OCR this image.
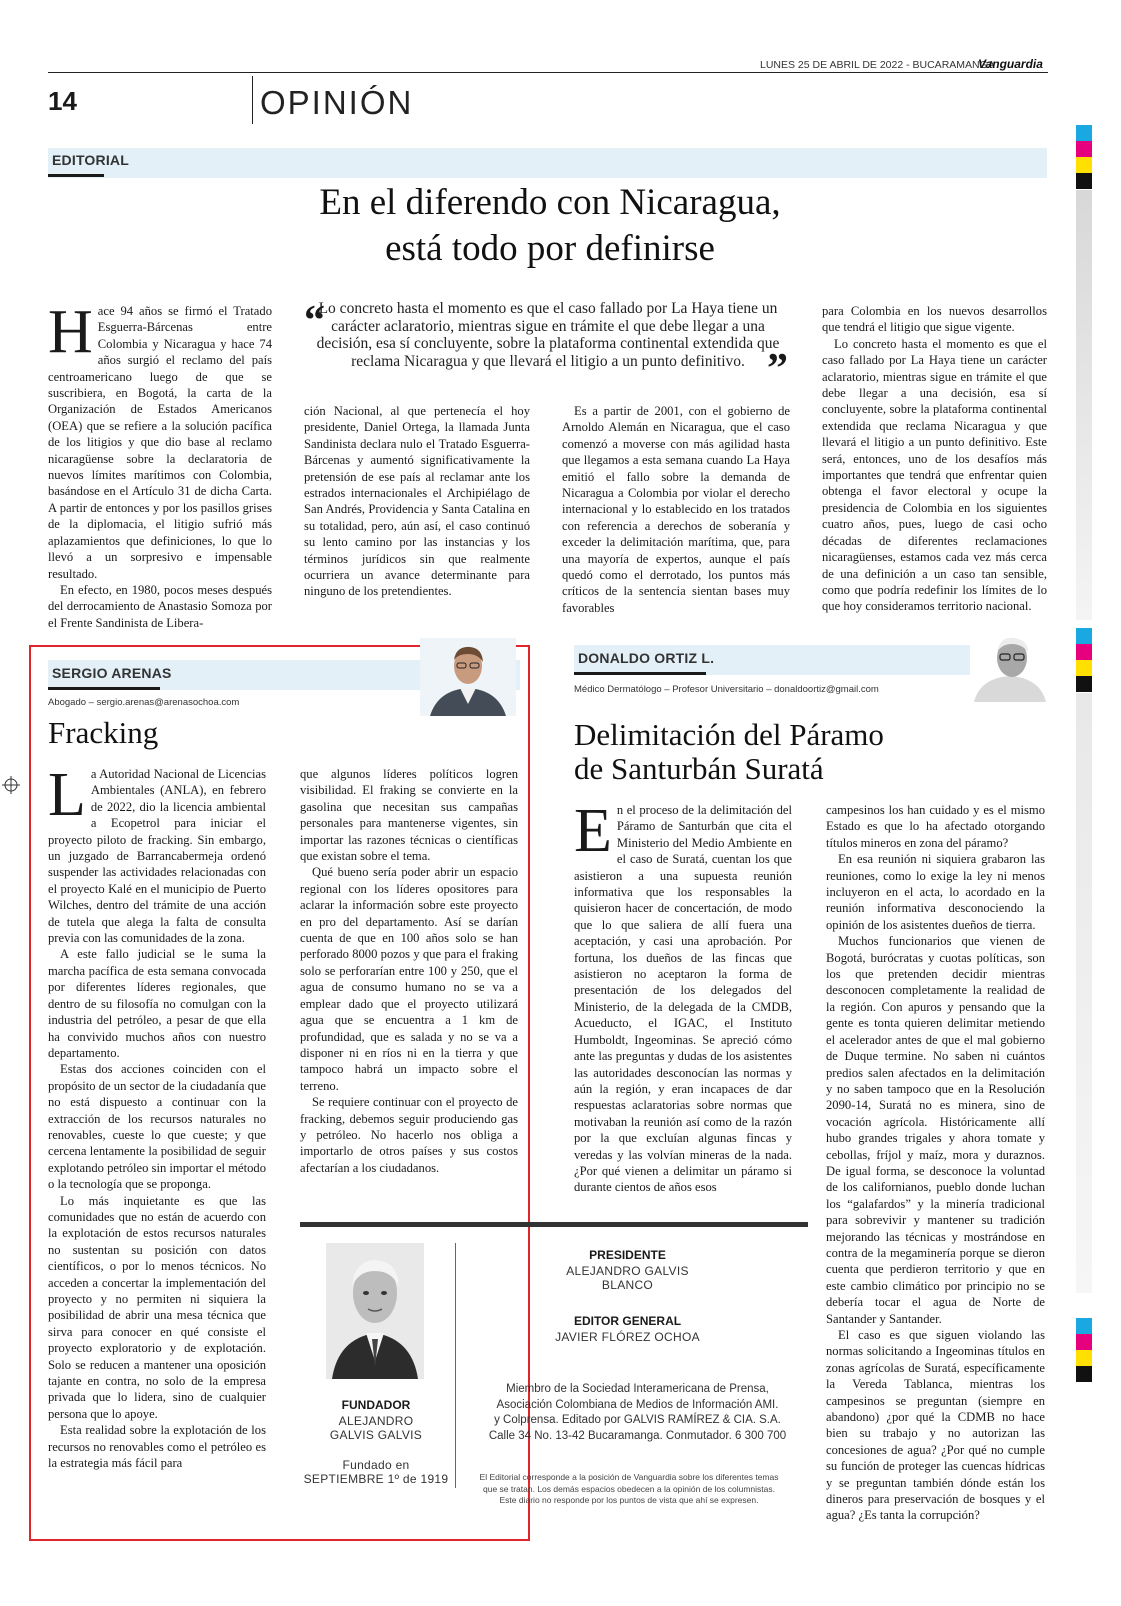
LUNES 25 DE ABRIL DE 2022 - BUCARAMANGA
Vanguardia
14	OPINIÓN
EDITORIAL
En el diferendo con Nicaragua,
está todo por definirse

Hace 94 años se firmó el Tratado Esguerra-Bárcenas entre Colombia y Nicaragua y hace 74 años surgió el reclamo del país centroamericano luego de que se suscribiera, en Bogotá, la carta de la Organización de Estados Americanos (OEA) que se refiere a la solución pacífica de los litigios y que dio base al reclamo nicaragüense sobre la declaratoria de nuevos límites marítimos con Colombia, basándose en el Artículo 31 de dicha Carta. A partir de entonces y por los pasillos grises de la diplomacia, el litigio sufrió más aplazamientos que definiciones, lo que lo llevó a un sorpresivo e impensable resultado.

En efecto, en 1980, pocos meses después del derrocamiento de Anastasio Somoza por el Frente Sandinista de Libera-

“
Lo concreto hasta el momento es que el caso fallado por La Haya tiene un carácter aclaratorio, mientras sigue en trámite el que debe llegar a una decisión, esa sí concluyente, sobre la plataforma continental extendida que reclama Nicaragua y que llevará el litigio a un punto definitivo. ”

ción Nacional, al que pertenecía el hoy presidente, Daniel Ortega, la llamada Junta Sandinista declara nulo el Tratado Esguerra- Bárcenas y aumentó significativamente la pretensión de ese país al reclamar ante los estrados internacionales el Archipiélago de San Andrés, Providencia y Santa Catalina en su totalidad, pero, aún así, el caso continuó su lento camino por las instancias y los términos jurídicos sin que realmente ocurriera un avance determinante para ninguno de los pretendientes.

Es a partir de 2001, con el gobierno de Arnoldo Alemán en Nicaragua, que el caso comenzó a moverse con más agilidad hasta que llegamos a esta semana cuando La Haya emitió el fallo sobre la demanda de Nicaragua a Colombia por violar el derecho internacional y lo establecido en los tratados con referencia a derechos de soberanía y exceder la delimitación marítima, que, para una mayoría de expertos, aunque el país quedó como el derrotado, los puntos más críticos de la sentencia sientan bases muy favorables

para Colombia en los nuevos desarrollos que tendrá el litigio que sigue vigente.

Lo concreto hasta el momento es que el caso fallado por La Haya tiene un carácter aclaratorio, mientras sigue en trámite el que debe llegar a una decisión, esa sí concluyente, sobre la plataforma continental extendida que reclama Nicaragua y que llevará el litigio a un punto definitivo. Este será, entonces, uno de los desafíos más importantes que tendrá que enfrentar quien obtenga el favor electoral y ocupe la presidencia de Colombia en los siguientes cuatro años, pues, luego de casi ocho décadas de diferentes reclamaciones nicaragüenses, estamos cada vez más cerca de una definición a un caso tan sensible, como que podría redefinir los límites de lo que hoy consideramos territorio nacional.

SERGIO ARENAS
Abogado – sergio.arenas@arenasochoa.com
Fracking

La Autoridad Nacional de Licencias Ambientales (ANLA), en febrero de 2022, dio la licencia ambiental a Ecopetrol para iniciar el proyecto piloto de fracking. Sin embargo, un juzgado de Barrancabermeja ordenó suspender las actividades relacionadas con el proyecto Kalé en el municipio de Puerto Wilches, dentro del trámite de una acción de tutela que alega la falta de consulta previa con las comunidades de la zona.

A este fallo judicial se le suma la marcha pacífica de esta semana convocada por diferentes líderes regionales, que dentro de su filosofía no comulgan con la industria del petróleo, a pesar de que ella ha convivido muchos años con nuestro departamento.

Estas dos acciones coinciden con el propósito de un sector de la ciudadanía que no está dispuesto a continuar con la extracción de los recursos naturales no renovables, cueste lo que cueste; y que cercena lentamente la posibilidad de seguir explotando petróleo sin importar el método o la tecnología que se proponga.

Lo más inquietante es que las comunidades que no están de acuerdo con la explotación de estos recursos naturales no sustentan su posición con datos científicos, o por lo menos técnicos. No acceden a concertar la implementación del proyecto y no permiten ni siquiera la posibilidad de abrir una mesa técnica que sirva para conocer en qué consiste el proyecto exploratorio y de explotación. Solo se reducen a mantener una oposición tajante en contra, no solo de la empresa privada que lo lidera, sino de cualquier persona que lo apoye.

Esta realidad sobre la explotación de los recursos no renovables como el petróleo es la estrategia más fácil para

que algunos líderes políticos logren visibilidad. El fraking se convierte en la gasolina que necesitan sus campañas personales para mantenerse vigentes, sin importar las razones técnicas o científicas que existan sobre el tema.

Qué bueno sería poder abrir un espacio regional con los líderes opositores para aclarar la información sobre este proyecto en pro del departamento. Así se darían cuenta de que en 100 años solo se han perforado 8000 pozos y que para el fraking solo se perforarían entre 100 y 250, que el agua de consumo humano no se va a emplear dado que el proyecto utilizará agua que se encuentra a 1 km de profundidad, que es salada y no se va a disponer ni en ríos ni en la tierra y que tampoco habrá un impacto sobre el terreno.

Se requiere continuar con el proyecto de fracking, debemos seguir produciendo gas y petróleo. No hacerlo nos obliga a importarlo de otros países y sus costos afectarían a los ciudadanos.

FUNDADOR
ALEJANDRO
GALVIS GALVIS
Fundado en
SEPTIEMBRE 1º de 1919
PRESIDENTE
ALEJANDRO GALVIS BLANCO
EDITOR GENERAL
JAVIER FLÓREZ OCHOA
Miembro de la Sociedad Interamericana de Prensa,
Asociación Colombiana de Medios de Información AMI.
y Colprensa. Editado por GALVIS RAMÍREZ & CIA. S.A.
Calle 34 No. 13-42 Bucaramanga. Conmutador. 6 300 700
El Editorial corresponde a la posición de Vanguardia sobre los diferentes temas
que se tratan. Los demás espacios obedecen a la opinión de los columnistas.
Este diario no responde por los puntos de vista que ahí se expresen.
DONALDO ORTIZ L.
Médico Dermatólogo – Profesor Universitario – donaldoortiz@gmail.com
Delimitación del Páramo
de Santurbán Suratá

En el proceso de la delimitación del Páramo de Santurbán que cita el Ministerio del Medio Ambiente en el caso de Suratá, cuentan los que asistieron a una supuesta reunión informativa que los responsables la quisieron hacer de concertación, de modo que lo que saliera de allí fuera una aceptación, y casi una aprobación. Por fortuna, los dueños de las fincas que asistieron no aceptaron la forma de presentación de los delegados del Ministerio, de la delegada de la CMDB, Acueducto, el IGAC, el Instituto Humboldt, Ingeominas. Se apreció cómo ante las preguntas y dudas de los asistentes las autoridades desconocían las normas y aún la región, y eran incapaces de dar respuestas aclaratorias sobre normas que motivaban la reunión así como de la razón por la que excluían algunas fincas y veredas y las volvían mineras de la nada. ¿Por qué vienen a delimitar un páramo si durante cientos de años esos

campesinos los han cuidado y es el mismo Estado es que lo ha afectado otorgando títulos mineros en zona del páramo?

En esa reunión ni siquiera grabaron las reuniones, como lo exige la ley ni menos incluyeron en el acta, lo acordado en la reunión informativa desconociendo la opinión de los asistentes dueños de tierra.

Muchos funcionarios que vienen de Bogotá, burócratas y cuotas políticas, son los que pretenden decidir mientras desconocen completamente la realidad de la región. Con apuros y pensando que la gente es tonta quieren delimitar metiendo el acelerador antes de que el mal gobierno de Duque termine. No saben ni cuántos predios salen afectados en la delimitación y no saben tampoco que en la Resolución 2090-14, Suratá no es minera, sino de vocación agrícola. Históricamente allí hubo grandes trigales y ahora tomate y cebollas, fríjol y maíz, mora y duraznos. De igual forma, se desconoce la voluntad de los californianos, pueblo donde luchan los “galafardos” y la minería tradicional para sobrevivir y mantener su tradición mejorando las técnicas y mostrándose en contra de la megaminería porque se dieron cuenta que perdieron territorio y que en este cambio climático por principio no se debería tocar el agua de Norte de Santander y Santander.

El caso es que siguen violando las normas solicitando a Ingeominas títulos en zonas agrícolas de Suratá, específicamente la Vereda Tablanca, mientras los campesinos se preguntan (siempre en abandono) ¿por qué la CDMB no hace bien su trabajo y no autorizan las concesiones de agua? ¿Por qué no cumple su función de proteger las cuencas hídricas y se preguntan también dónde están los dineros para preservación de bosques y el agua? ¿Es tanta la corrupción?
